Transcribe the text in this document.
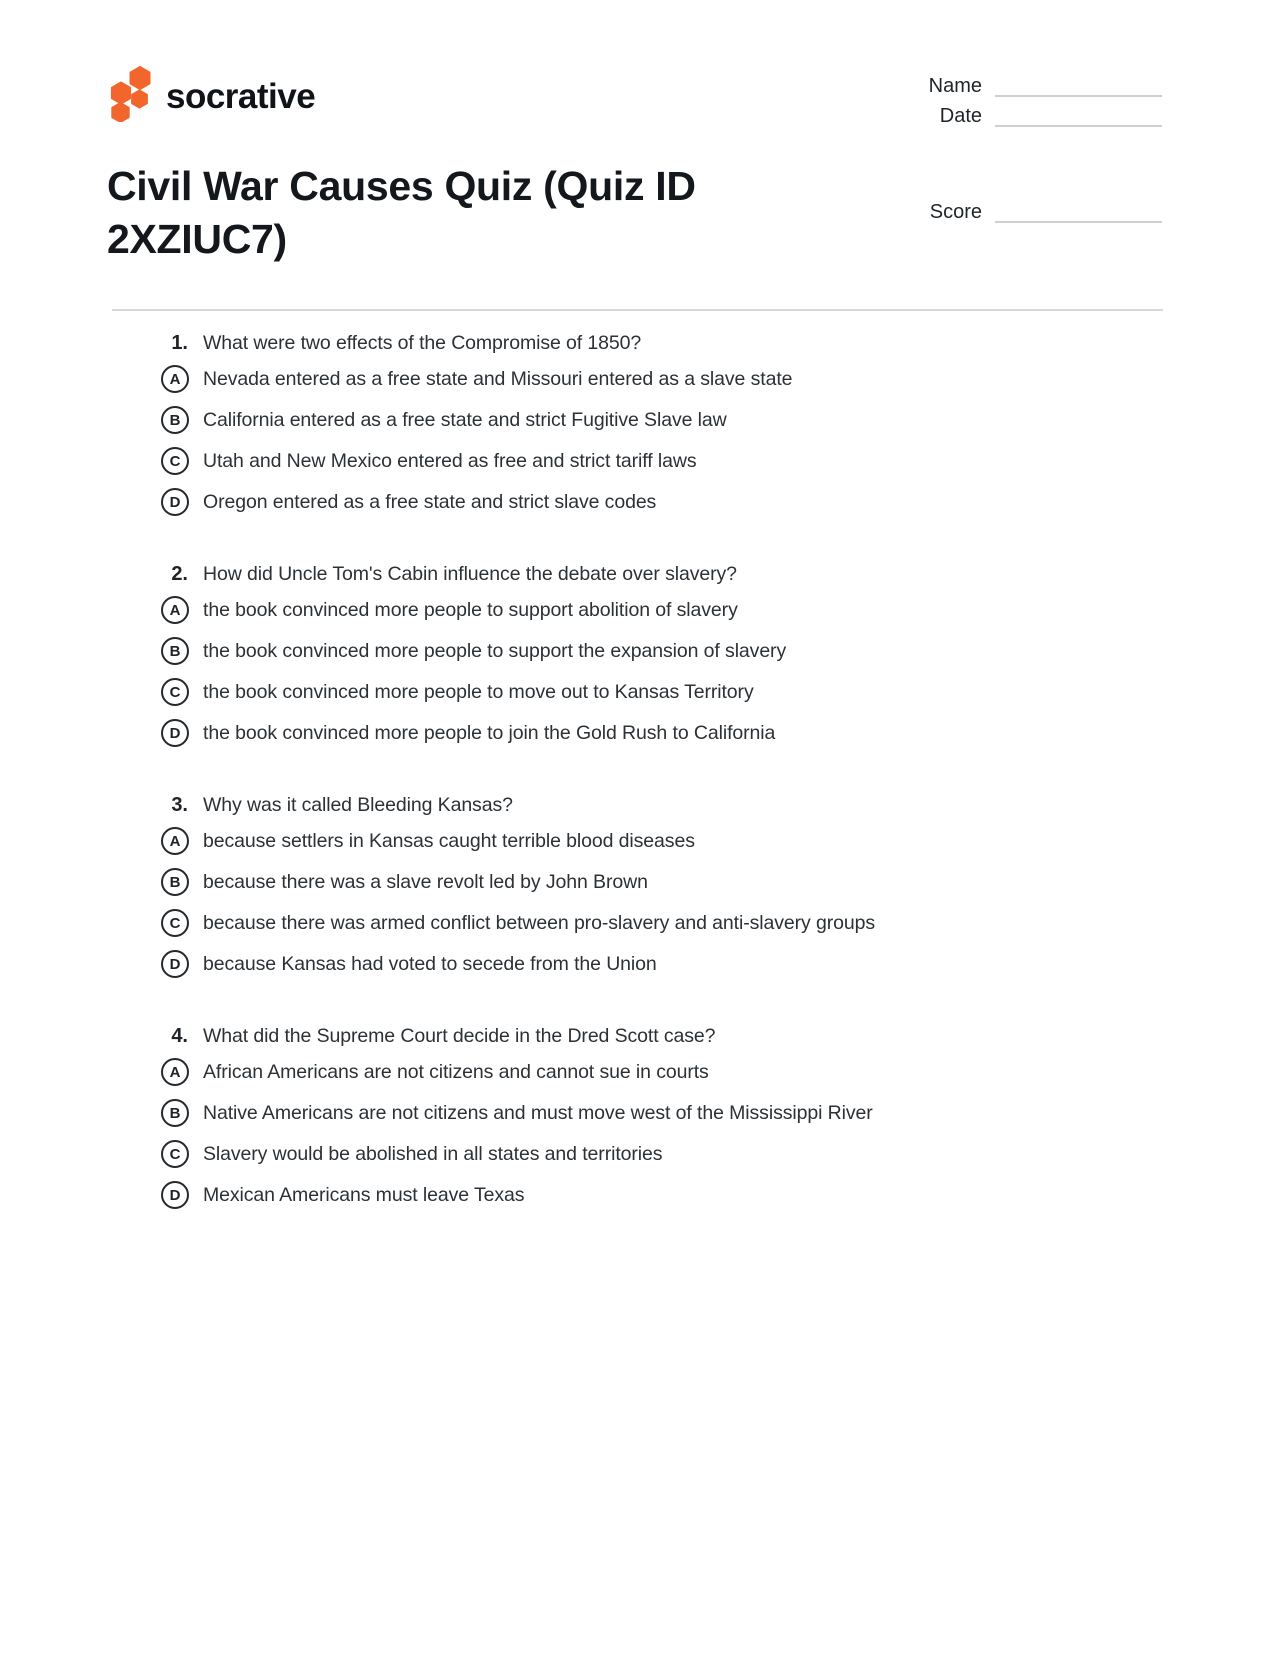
socrative	Name
Date
Score
Civil War Causes Quiz (Quiz ID
2XZIUC7)
1. What were two effects of the Compromise of 1850?
A	Nevada entered as a free state and Missouri entered as a slave state
B	California entered as a free state and strict Fugitive Slave law
C	Utah and New Mexico entered as free and strict tariff laws
D	Oregon entered as a free state and strict slave codes
2. How did Uncle Tom's Cabin influence the debate over slavery?
A	the book convinced more people to support abolition of slavery
B	the book convinced more people to support the expansion of slavery
C	the book convinced more people to move out to Kansas Territory
D	the book convinced more people to join the Gold Rush to California
3. Why was it called Bleeding Kansas?
A	because settlers in Kansas caught terrible blood diseases
B	because there was a slave revolt led by John Brown
C	because there was armed conflict between pro-slavery and anti-slavery groups
D	because Kansas had voted to secede from the Union
4. What did the Supreme Court decide in the Dred Scott case?
A	African Americans are not citizens and cannot sue in courts
B	Native Americans are not citizens and must move west of the Mississippi River
C	Slavery would be abolished in all states and territories
D	Mexican Americans must leave Texas
